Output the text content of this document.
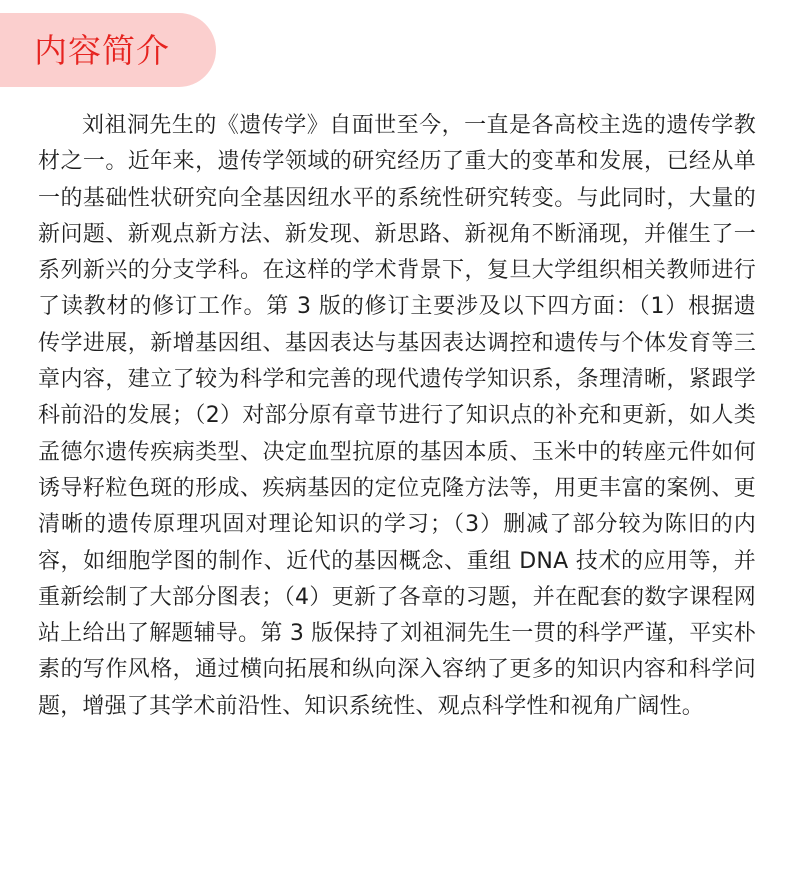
内容简介

刘祖洞先生的《遗传学》自面世至今，一直是各高校主选的遗传学教材之一。近年来，遗传学领域的研究经历了重大的变革和发展，已经从单一的基础性状研究向全基因纽水平的系统性研究转变。与此同时，大量的新问题、新观点新方法、新发现、新思路、新视角不断涌现，并催生了一系列新兴的分支学科。在这样的学术背景下，复旦大学组织相关教师进行了读教材的修订工作。第 3 版的修订主要涉及以下四方面：（1）根据遗传学进展，新增基因组、基因表达与基因表达调控和遗传与个体发育等三章内容，建立了较为科学和完善的现代遗传学知识系，条理清晰，紧跟学科前沿的发展；（2）对部分原有章节进行了知识点的补充和更新，如人类孟德尔遗传疾病类型、决定血型抗原的基因本质、玉米中的转座元件如何诱导籽粒色斑的形成、疾病基因的定位克隆方法等，用更丰富的案例、更清晰的遗传原理巩固对理论知识的学习；（3）删减了部分较为陈旧的内容，如细胞学图的制作、近代的基因概念、重组 DNA 技术的应用等，并重新绘制了大部分图表；（4）更新了各章的习题，并在配套的数字课程网站上给出了解题辅导。第 3 版保持了刘祖洞先生一贯的科学严谨，平实朴素的写作风格，通过横向拓展和纵向深入容纳了更多的知识内容和科学问题，增强了其学术前沿性、知识系统性、观点科学性和视角广阔性。
